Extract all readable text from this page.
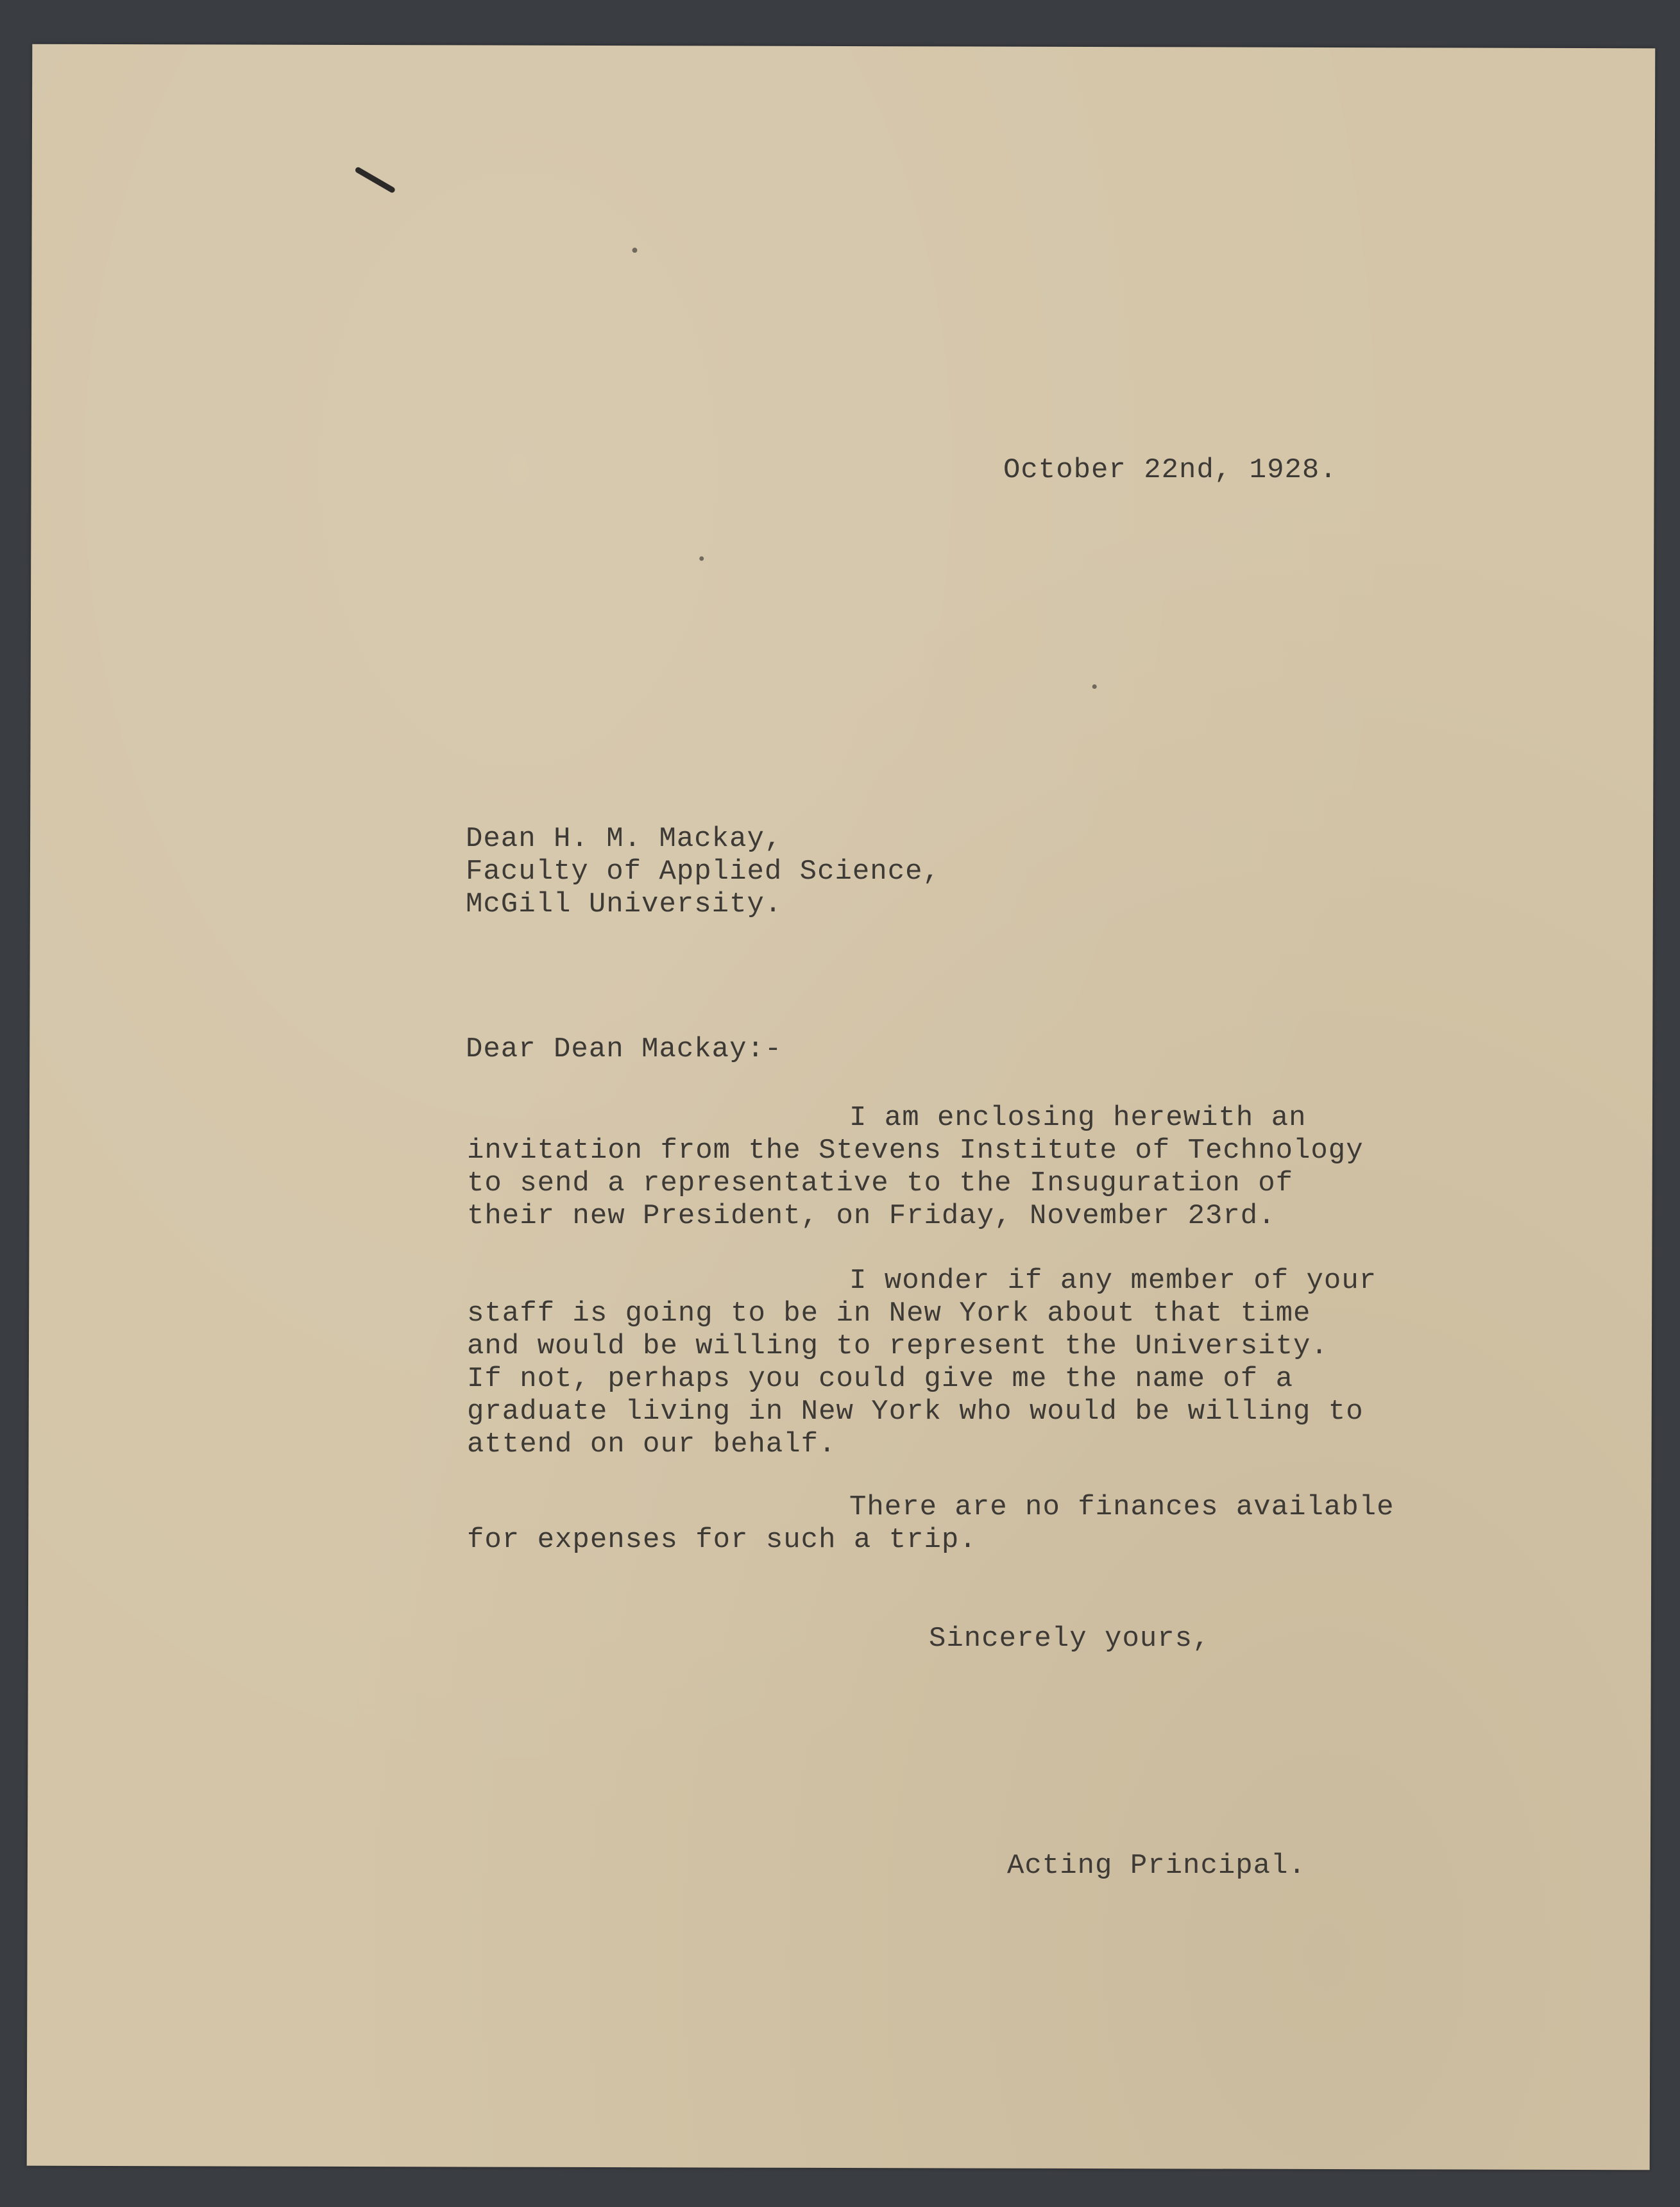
October 22nd, 1928.
Dean H. M. Mackay,
Faculty of Applied Science,
McGill University.
Dear Dean Mackay:-
I am enclosing herewith an
invitation from the Stevens Institute of Technology
to send a representative to the Insuguration of
their new President, on Friday, November 23rd.
I wonder if any member of your
staff is going to be in New York about that time
and would be willing to represent the University.
If not, perhaps you could give me the name of a
graduate living in New York who would be willing to
attend on our behalf.
There are no finances available
for expenses for such a trip.
Sincerely yours,
Acting Principal.
